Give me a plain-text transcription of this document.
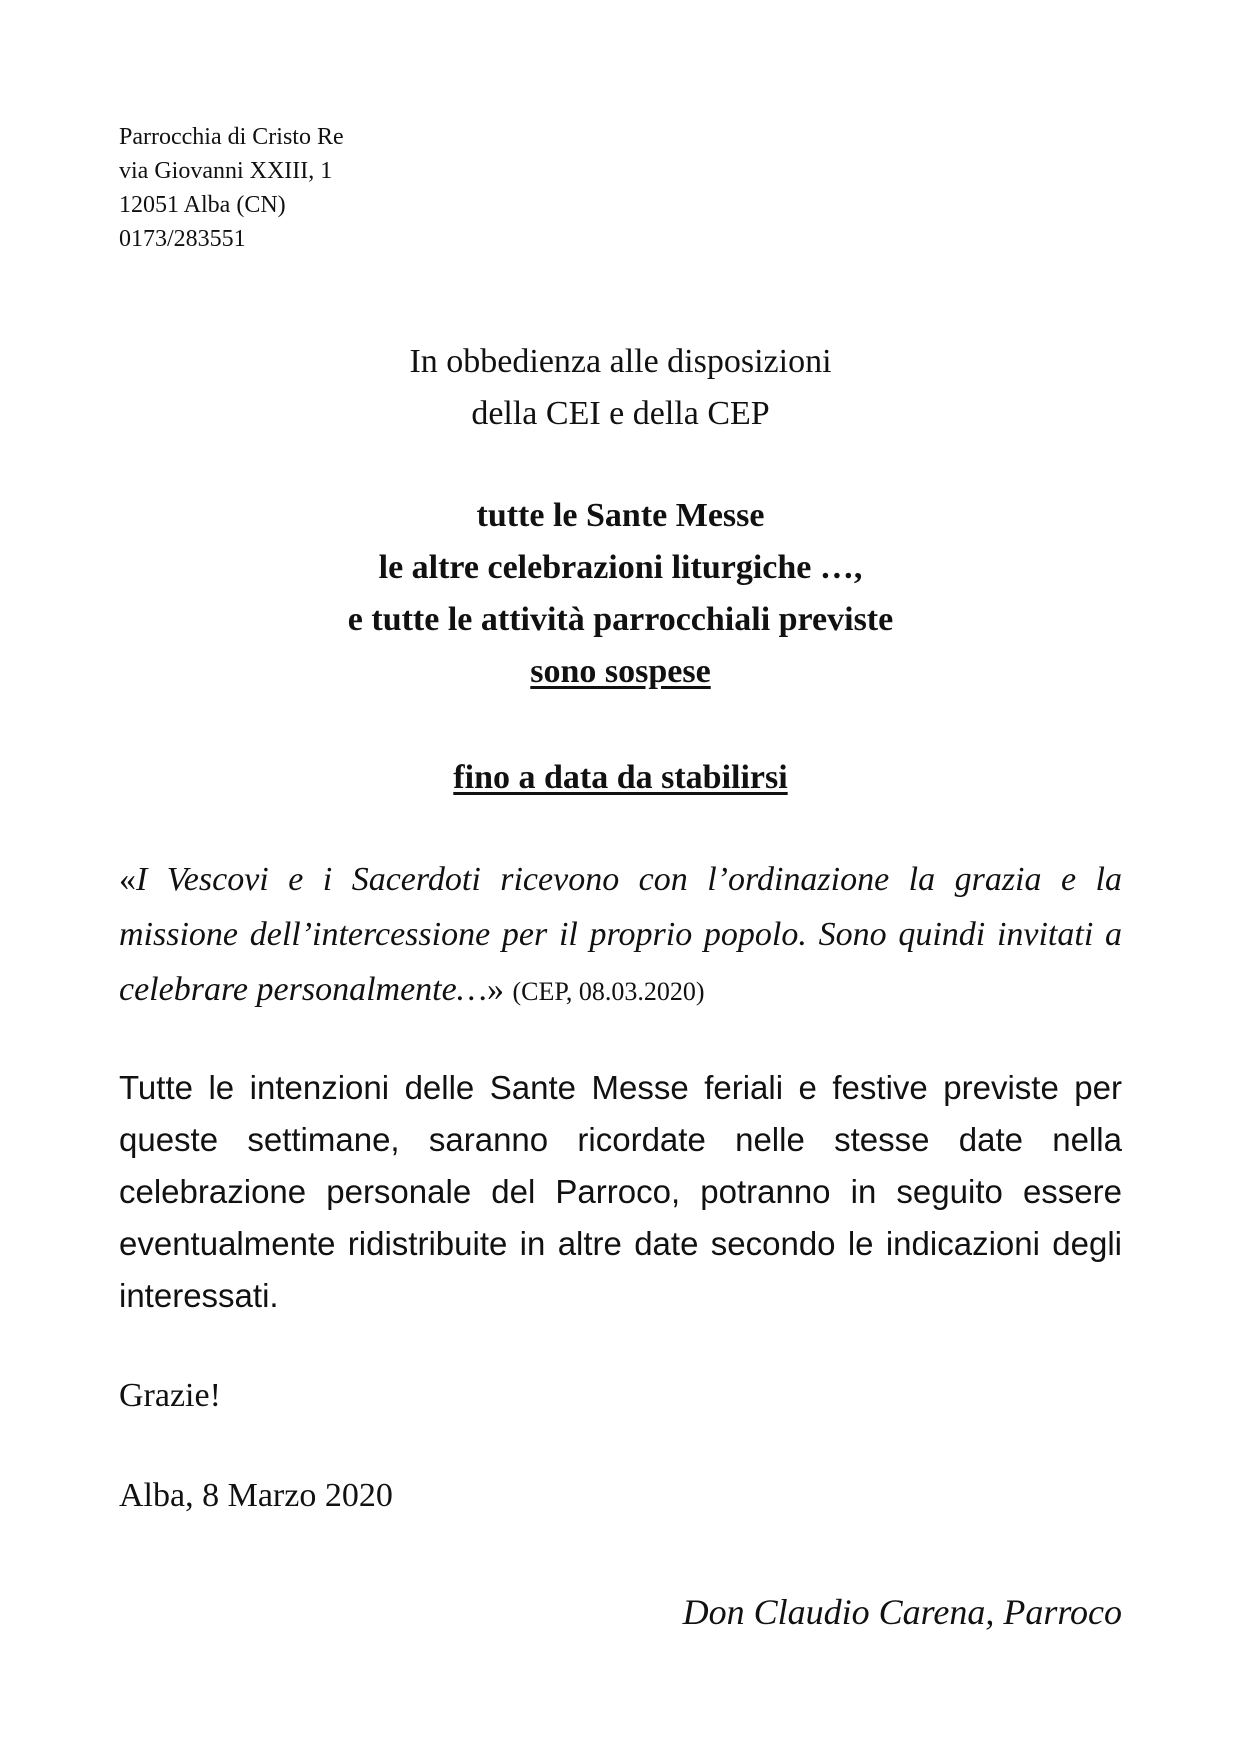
Parrocchia di Cristo Re
via Giovanni XXIII, 1
12051 Alba (CN)
0173/283551
In obbedienza alle disposizioni
della CEI e della CEP
tutte le Sante Messe
le altre celebrazioni liturgiche …,
e tutte le attività parrocchiali previste
sono sospese
fino a data da stabilirsi
«I Vescovi e i Sacerdoti ricevono con l’ordinazione la grazia e la missione dell’intercessione per il proprio popolo. Sono quindi invitati a celebrare personalmente…» (CEP, 08.03.2020)
Tutte le intenzioni delle Sante Messe feriali e festive previste per queste settimane, saranno ricordate nelle stesse date nella celebrazione personale del Parroco, potranno in seguito essere eventualmente ridistribuite in altre date secondo le indicazioni degli interessati.
Grazie!
Alba, 8 Marzo 2020
Don Claudio Carena, Parroco
